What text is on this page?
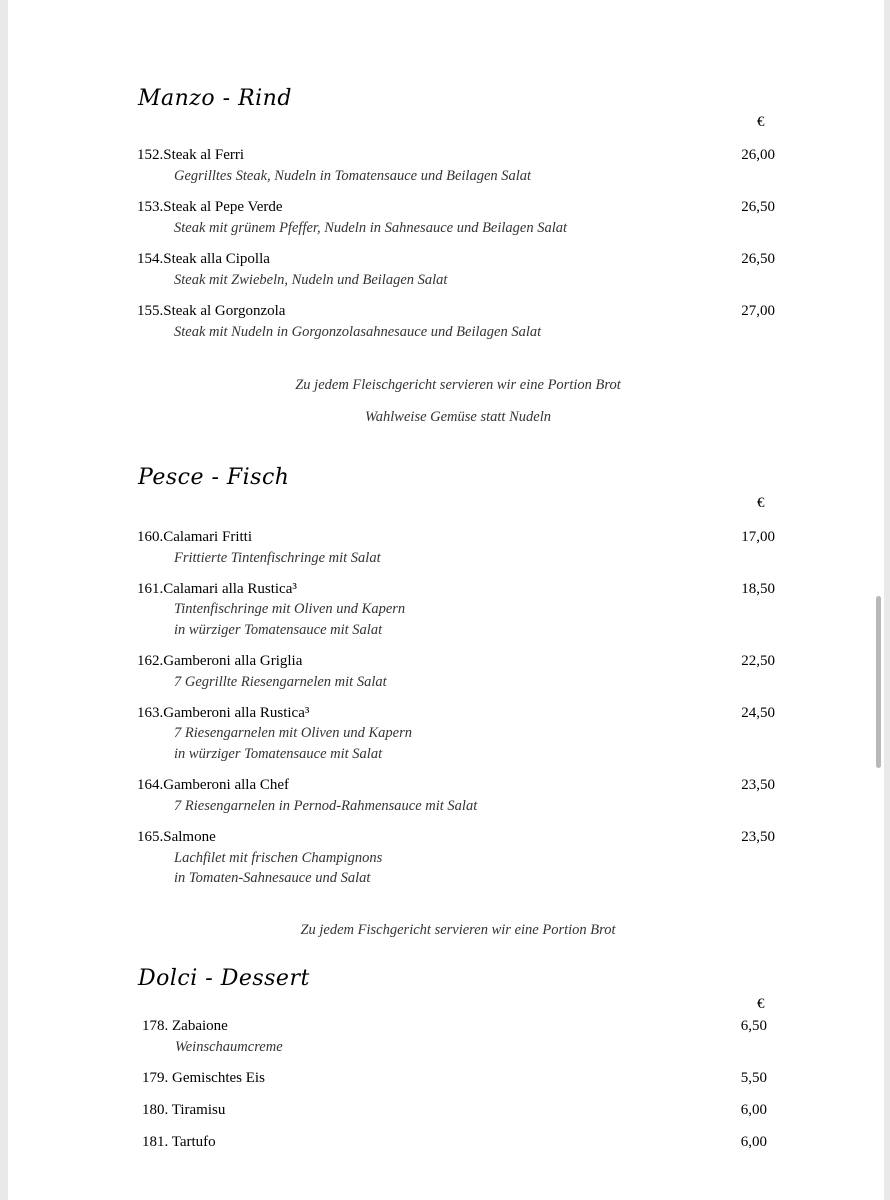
Manzo - Rind
€
152.Steak al Ferri	26,00
Gegrilltes Steak, Nudeln in Tomatensauce und Beilagen Salat
153.Steak al Pepe Verde	26,50
Steak mit grünem Pfeffer, Nudeln in Sahnesauce und Beilagen Salat
154.Steak alla Cipolla	26,50
Steak mit Zwiebeln, Nudeln und Beilagen Salat
155.Steak al Gorgonzola	27,00
Steak mit Nudeln in Gorgonzolasahnesauce und Beilagen Salat
Zu jedem Fleischgericht servieren wir eine Portion Brot
Wahlweise Gemüse statt Nudeln
Pesce - Fisch
€
160.Calamari Fritti	17,00
Frittierte Tintenfischringe mit Salat
161.Calamari alla Rustica³	18,50
Tintenfischringe mit Oliven und Kapern
in würziger Tomatensauce mit Salat
162.Gamberoni alla Griglia	22,50
7 Gegrillte Riesengarnelen mit Salat
163.Gamberoni alla Rustica³	24,50
7 Riesengarnelen mit Oliven und Kapern
in würziger Tomatensauce mit Salat
164.Gamberoni alla Chef	23,50
7 Riesengarnelen in Pernod-Rahmensauce mit Salat
165.Salmone	23,50
Lachfilet mit frischen Champignons
in Tomaten-Sahnesauce und Salat
Zu jedem Fischgericht servieren wir eine Portion Brot
Dolci - Dessert
€
178. Zabaione	6,50
Weinschaumcreme
179. Gemischtes Eis	5,50
180. Tiramisu	6,00
181. Tartufo	6,00
